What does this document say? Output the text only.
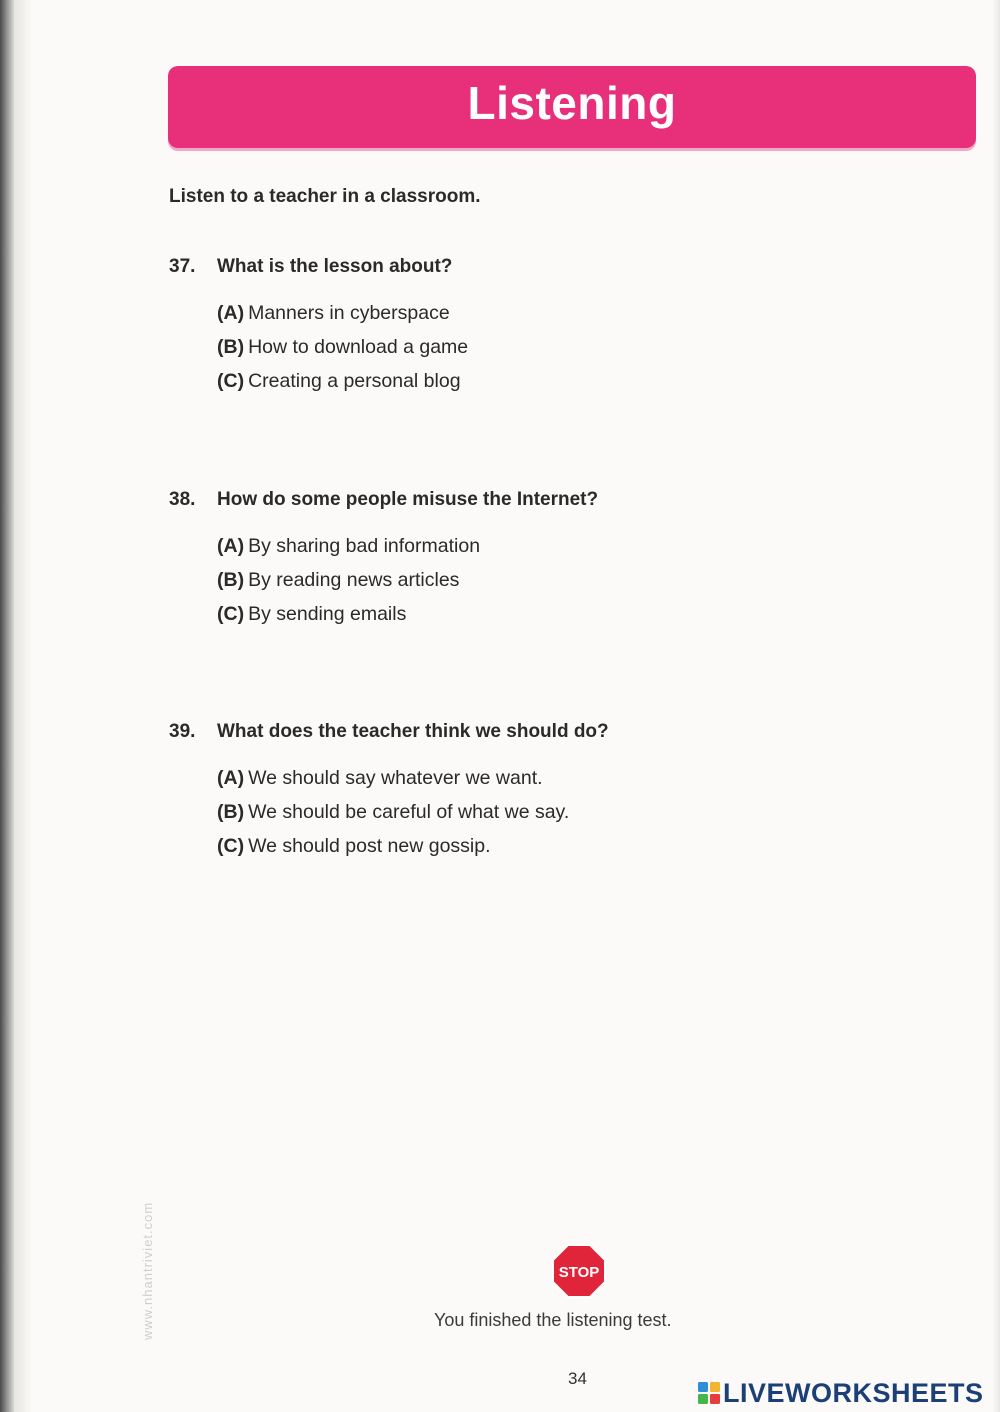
Listening
Listen to a teacher in a classroom.
37. What is the lesson about?
(A) Manners in cyberspace
(B) How to download a game
(C) Creating a personal blog
38. How do some people misuse the Internet?
(A) By sharing bad information
(B) By reading news articles
(C) By sending emails
39. What does the teacher think we should do?
(A) We should say whatever we want.
(B) We should be careful of what we say.
(C) We should post new gossip.
STOP
You finished the listening test.
34
www.nhantriviet.com
LIVEWORKSHEETS
